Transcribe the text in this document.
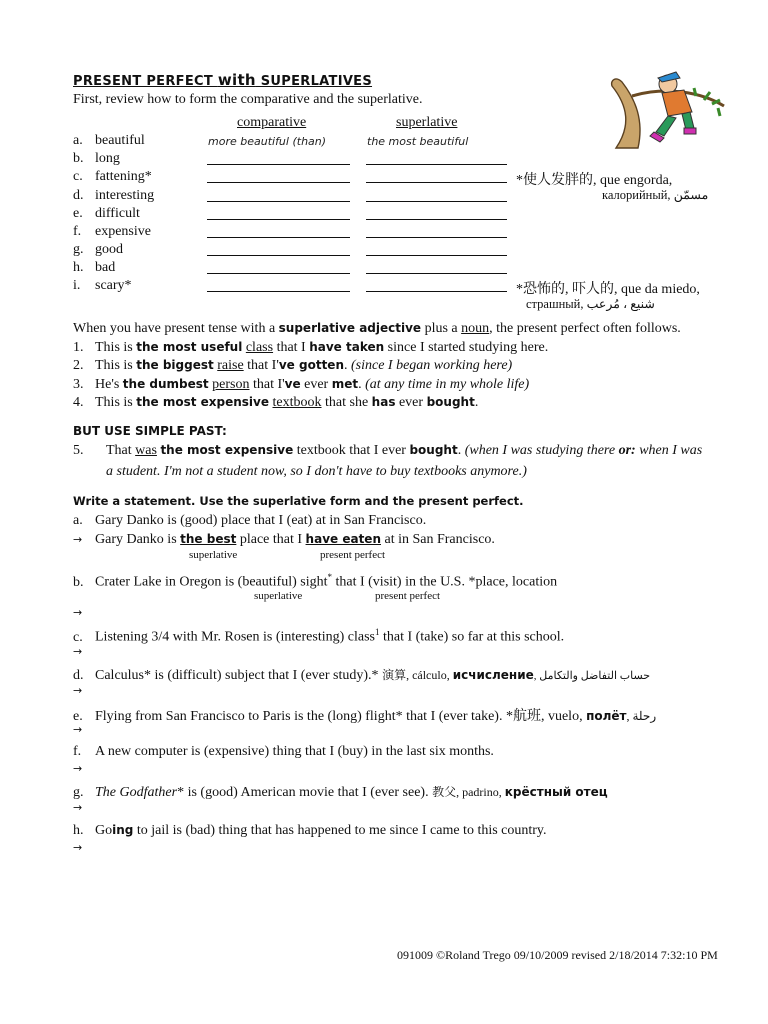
PRESENT PERFECT with SUPERLATIVES
First, review how to form the comparative and the superlative.
comparative	superlative
a. beautiful	more beautiful (than)	the most beautiful
b. long
c. fattening*
d. interesting
e. difficult
f. expensive
g. good
h. bad
i. scary*
*使人发胖的, que engorda,
калорийный, مسمّن
*恐怖的, 吓人的, que da miedo,
страшный, شنيع ، مُرعب
When you have present tense with a superlative adjective plus a noun, the present perfect often follows.
1. This is the most useful class that I have taken since I started studying here.
2. This is the biggest raise that I've gotten. (since I began working here)
3. He's the dumbest person that I've ever met. (at any time in my whole life)
4. This is the most expensive textbook that she has ever bought.
BUT USE SIMPLE PAST:
5. That was the most expensive textbook that I ever bought. (when I was studying there or: when I was
a student. I'm not a student now, so I don't have to buy textbooks anymore.)
Write a statement. Use the superlative form and the present perfect.
a. Gary Danko is (good) place that I (eat) at in San Francisco.
→ Gary Danko is the best place that I have eaten at in San Francisco.
superlative	present perfect
b. Crater Lake in Oregon is (beautiful) sight* that I (visit) in the U.S. *place, location
superlative	present perfect
→
c. Listening 3/4 with Mr. Rosen is (interesting) class$^1$ that I (take) so far at this school.
→
d. Calculus* is (difficult) subject that I (ever study).* 演算, cálculo, исчисление, حساب التفاضل والتكامل
→
e. Flying from San Francisco to Paris is the (long) flight* that I (ever take). *航班, vuelo, полёт, رحلة
→
f. A new computer is (expensive) thing that I (buy) in the last six months.
→
g. The Godfather* is (good) American movie that I (ever see). 教父, padrino, крёстный отец
→
h. Going to jail is (bad) thing that has happened to me since I came to this country.
→
091009 ©Roland Trego 09/10/2009 revised 2/18/2014 7:32:10 PM
